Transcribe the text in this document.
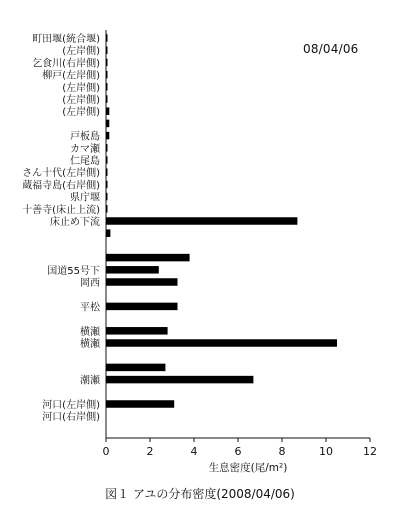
0	2	4	6	8	10	12
生息密度(尾/m²)
町田堰(統合堰)
(左岸側)
乞食川(右岸側)
柳戸(左岸側)
(左岸側)
(左岸側)
(左岸側)
戸板島
カマ瀬
仁尾島
さん十代(左岸側)
蔵福寺島(右岸側)
県庁堰
十善寺(床止上流)
床止め下流
国道55号下
岡西
平松
横瀬
横瀬
潮瀬
河口(左岸側)
河口(右岸側)
08/04/06
図１ アユの分布密度(2008/04/06)
